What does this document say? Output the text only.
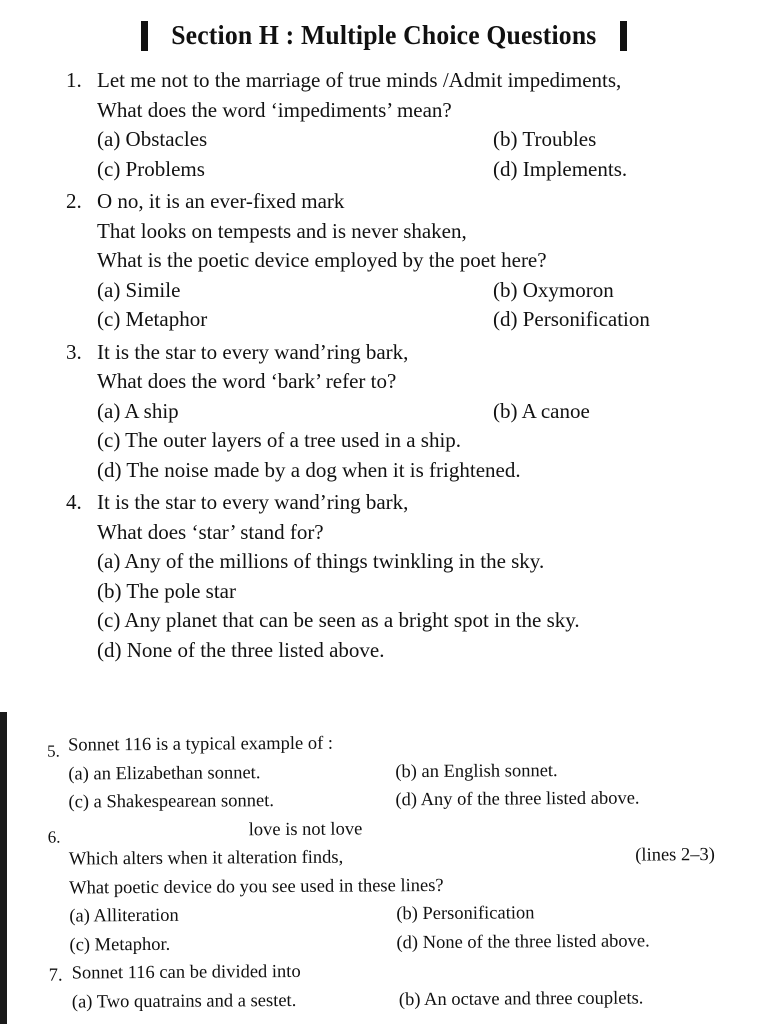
Section H : Multiple Choice Questions
1. Let me not to the marriage of true minds /Admit impediments,
What does the word ‘impediments’ mean?
(a) Obstacles	(b) Troubles
(c) Problems	(d) Implements.
2. O no, it is an ever-fixed mark
That looks on tempests and is never shaken,
What is the poetic device employed by the poet here?
(a) Simile	(b) Oxymoron
(c) Metaphor	(d) Personification
3. It is the star to every wand’ring bark,
What does the word ‘bark’ refer to?
(a) A ship	(b) A canoe
(c) The outer layers of a tree used in a ship.
(d) The noise made by a dog when it is frightened.
4. It is the star to every wand’ring bark,
What does ‘star’ stand for?
(a) Any of the millions of things twinkling in the sky.
(b) The pole star
(c) Any planet that can be seen as a bright spot in the sky.
(d) None of the three listed above.
5. Sonnet 116 is a typical example of :
(a) an Elizabethan sonnet.	(b) an English sonnet.
(c) a Shakespearean sonnet.	(d) Any of the three listed above.
6.	love is not love
Which alters when it alteration finds,	(lines 2–3)
What poetic device do you see used in these lines?
(a) Alliteration	(b) Personification
(c) Metaphor.	(d) None of the three listed above.
7. Sonnet 116 can be divided into
(a) Two quatrains and a sestet.	(b) An octave and three couplets.
